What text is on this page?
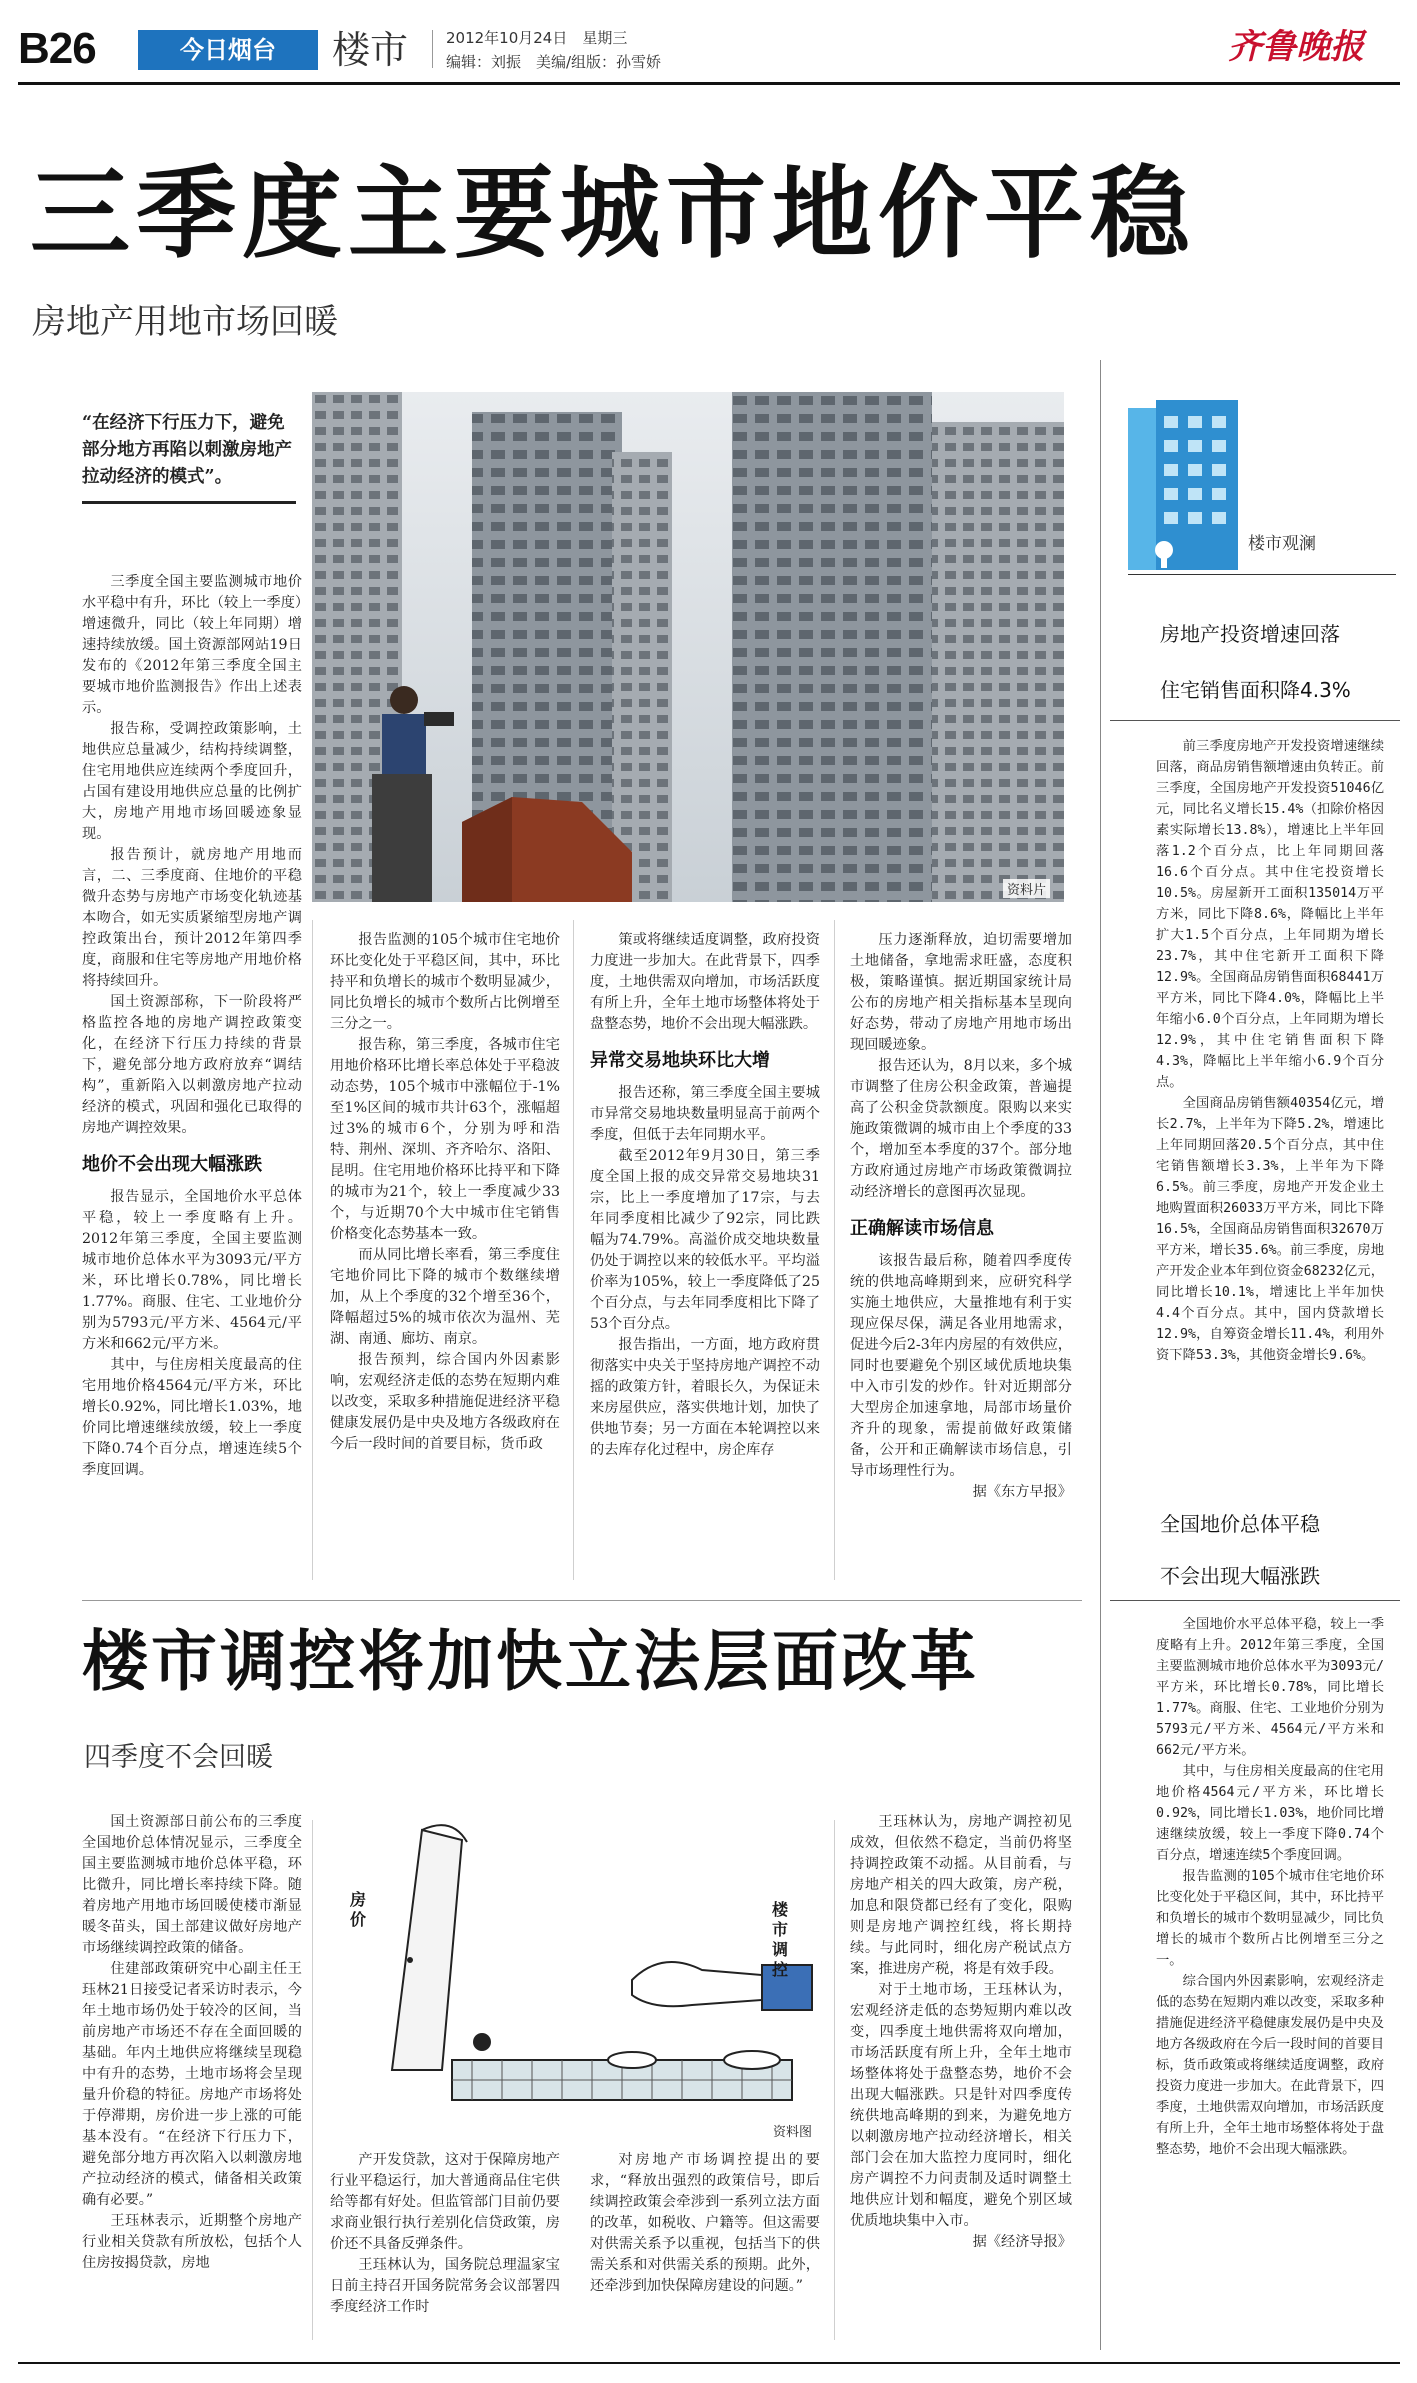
B26	今日烟台	楼市	2012年10月24日　星期三
编辑：刘振　美编/组版：孙雪娇	齐鲁晚报
三季度主要城市地价平稳
房地产用地市场回暖
“在经济下行压力下，避免部分地方再陷以刺激房地产拉动经济的模式”。
资料片

三季度全国主要监测城市地价水平稳中有升，环比（较上一季度）增速微升，同比（较上年同期）增速持续放缓。国土资源部网站19日发布的《2012年第三季度全国主要城市地价监测报告》作出上述表示。

报告称，受调控政策影响，土地供应总量减少，结构持续调整，住宅用地供应连续两个季度回升，占国有建设用地供应总量的比例扩大，房地产用地市场回暖迹象显现。

报告预计，就房地产用地而言，二、三季度商、住地价的平稳微升态势与房地产市场变化轨迹基本吻合，如无实质紧缩型房地产调控政策出台，预计2012年第四季度，商服和住宅等房地产用地价格将持续回升。

国土资源部称，下一阶段将严格监控各地的房地产调控政策变化，在经济下行压力持续的背景下，避免部分地方政府放弃“调结构”，重新陷入以刺激房地产拉动经济的模式，巩固和强化已取得的房地产调控效果。

地价不会出现大幅涨跌

报告显示，全国地价水平总体平稳，较上一季度略有上升。2012年第三季度，全国主要监测城市地价总体水平为3093元/平方米，环比增长0.78%，同比增长1.77%。商服、住宅、工业地价分别为5793元/平方米、4564元/平方米和662元/平方米。

其中，与住房相关度最高的住宅用地价格4564元/平方米，环比增长0.92%，同比增长1.03%，地价同比增速继续放缓，较上一季度下降0.74个百分点，增速连续5个季度回调。

报告监测的105个城市住宅地价环比变化处于平稳区间，其中，环比持平和负增长的城市个数明显减少，同比负增长的城市个数所占比例增至三分之一。

报告称，第三季度，各城市住宅用地价格环比增长率总体处于平稳波动态势，105个城市中涨幅位于-1%至1%区间的城市共计63个，涨幅超过3%的城市6个，分别为呼和浩特、荆州、深圳、齐齐哈尔、洛阳、昆明。住宅用地价格环比持平和下降的城市为21个，较上一季度减少33个，与近期70个大中城市住宅销售价格变化态势基本一致。

而从同比增长率看，第三季度住宅地价同比下降的城市个数继续增加，从上个季度的32个增至36个，降幅超过5%的城市依次为温州、芜湖、南通、廊坊、南京。

报告预判，综合国内外因素影响，宏观经济走低的态势在短期内难以改变，采取多种措施促进经济平稳健康发展仍是中央及地方各级政府在今后一段时间的首要目标，货币政

策或将继续适度调整，政府投资力度进一步加大。在此背景下，四季度，土地供需双向增加，市场活跃度有所上升，全年土地市场整体将处于盘整态势，地价不会出现大幅涨跌。

异常交易地块环比大增

报告还称，第三季度全国主要城市异常交易地块数量明显高于前两个季度，但低于去年同期水平。

截至2012年9月30日，第三季度全国上报的成交异常交易地块31宗，比上一季度增加了17宗，与去年同季度相比减少了92宗，同比跌幅为74.79%。高溢价成交地块数量仍处于调控以来的较低水平。平均溢价率为105%，较上一季度降低了25个百分点，与去年同季度相比下降了53个百分点。

报告指出，一方面，地方政府贯彻落实中央关于坚持房地产调控不动摇的政策方针，着眼长久，为保证未来房屋供应，落实供地计划，加快了供地节奏；另一方面在本轮调控以来的去库存化过程中，房企库存

压力逐渐释放，迫切需要增加土地储备，拿地需求旺盛，态度积极，策略谨慎。据近期国家统计局公布的房地产相关指标基本呈现向好态势，带动了房地产用地市场出现回暖迹象。

报告还认为，8月以来，多个城市调整了住房公积金政策，普遍提高了公积金贷款额度。限购以来实施政策微调的城市由上个季度的33个，增加至本季度的37个。部分地方政府通过房地产市场政策微调拉动经济增长的意图再次显现。

正确解读市场信息

该报告最后称，随着四季度传统的供地高峰期到来，应研究科学实施土地供应，大量推地有利于实现应保尽保，满足各业用地需求，促进今后2-3年内房屋的有效供应，同时也要避免个别区域优质地块集中入市引发的炒作。针对近期部分大型房企加速拿地，局部市场量价齐升的现象，需提前做好政策储备，公开和正确解读市场信息，引导市场理性行为。

据《东方早报》

楼市观澜
房地产投资增速回落
住宅销售面积降4.3%

前三季度房地产开发投资增速继续回落，商品房销售额增速由负转正。前三季度，全国房地产开发投资51046亿元，同比名义增长15.4%（扣除价格因素实际增长13.8%），增速比上半年回落1.2个百分点，比上年同期回落16.6个百分点。其中住宅投资增长10.5%。房屋新开工面积135014万平方米，同比下降8.6%，降幅比上半年扩大1.5个百分点，上年同期为增长23.7%，其中住宅新开工面积下降12.9%。全国商品房销售面积68441万平方米，同比下降4.0%，降幅比上半年缩小6.0个百分点，上年同期为增长12.9%，其中住宅销售面积下降4.3%，降幅比上半年缩小6.9个百分点。

全国商品房销售额40354亿元，增长2.7%，上半年为下降5.2%，增速比上年同期回落20.5个百分点，其中住宅销售额增长3.3%，上半年为下降6.5%。前三季度，房地产开发企业土地购置面积26033万平方米，同比下降16.5%，全国商品房销售面积32670万平方米，增长35.6%。前三季度，房地产开发企业本年到位资金68232亿元，同比增长10.1%，增速比上半年加快4.4个百分点。其中，国内贷款增长12.9%，自筹资金增长11.4%，利用外资下降53.3%，其他资金增长9.6%。

全国地价总体平稳
不会出现大幅涨跌

全国地价水平总体平稳，较上一季度略有上升。2012年第三季度，全国主要监测城市地价总体水平为3093元/平方米，环比增长0.78%，同比增长1.77%。商服、住宅、工业地价分别为5793元/平方米、4564元/平方米和662元/平方米。

其中，与住房相关度最高的住宅用地价格4564元/平方米，环比增长0.92%，同比增长1.03%，地价同比增速继续放缓，较上一季度下降0.74个百分点，增速连续5个季度回调。

报告监测的105个城市住宅地价环比变化处于平稳区间，其中，环比持平和负增长的城市个数明显减少，同比负增长的城市个数所占比例增至三分之一。

综合国内外因素影响，宏观经济走低的态势在短期内难以改变，采取多种措施促进经济平稳健康发展仍是中央及地方各级政府在今后一段时间的首要目标，货币政策或将继续适度调整，政府投资力度进一步加大。在此背景下，四季度，土地供需双向增加，市场活跃度有所上升，全年土地市场整体将处于盘整态势，地价不会出现大幅涨跌。

楼市调控将加快立法层面改革
四季度不会回暖
房价
楼市调控
资料图

国土资源部日前公布的三季度全国地价总体情况显示，三季度全国主要监测城市地价总体平稳，环比微升，同比增长率持续下降。随着房地产用地市场回暖使楼市渐显暖冬苗头，国土部建议做好房地产市场继续调控政策的储备。

住建部政策研究中心副主任王珏林21日接受记者采访时表示，今年土地市场仍处于较冷的区间，当前房地产市场还不存在全面回暖的基础。年内土地供应将继续呈现稳中有升的态势，土地市场将会呈现量升价稳的特征。房地产市场将处于停滞期，房价进一步上涨的可能基本没有。“在经济下行压力下，避免部分地方再次陷入以刺激房地产拉动经济的模式，储备相关政策确有必要。”

王珏林表示，近期整个房地产行业相关贷款有所放松，包括个人住房按揭贷款，房地

产开发贷款，这对于保障房地产行业平稳运行，加大普通商品住宅供给等都有好处。但监管部门目前仍要求商业银行执行差别化信贷政策，房价还不具备反弹条件。

王珏林认为，国务院总理温家宝日前主持召开国务院常务会议部署四季度经济工作时

对房地产市场调控提出的要求，“释放出强烈的政策信号，即后续调控政策会牵涉到一系列立法方面的改革，如税收、户籍等。但这需要对供需关系予以重视，包括当下的供需关系和对供需关系的预期。此外，还牵涉到加快保障房建设的问题。”

王珏林认为，房地产调控初见成效，但依然不稳定，当前仍将坚持调控政策不动摇。从目前看，与房地产相关的四大政策，房产税，加息和限贷都已经有了变化，限购则是房地产调控红线，将长期持续。与此同时，细化房产税试点方案，推进房产税，将是有效手段。

对于土地市场，王珏林认为，宏观经济走低的态势短期内难以改变，四季度土地供需将双向增加，市场活跃度有所上升，全年土地市场整体将处于盘整态势，地价不会出现大幅涨跌。只是针对四季度传统供地高峰期的到来，为避免地方以刺激房地产拉动经济增长，相关部门会在加大监控力度同时，细化房产调控不力问责制及适时调整土地供应计划和幅度，避免个别区域优质地块集中入市。

据《经济导报》
